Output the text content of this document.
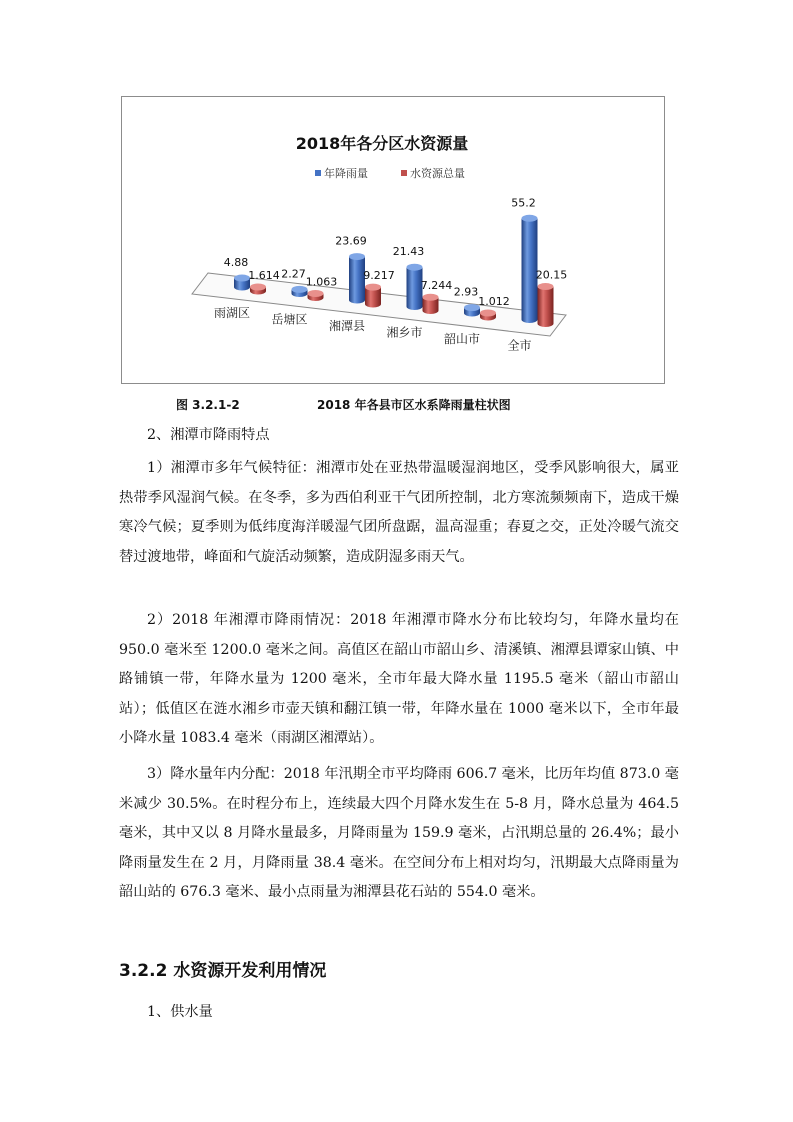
2018年各分区水资源量
年降雨量	水资源总量
4.88
1.614
雨湖区
2.27
1.063
岳塘区
23.69
9.217
湘潭县
21.43
7.244
湘乡市
2.93
1.012
韶山市
55.2
20.15
全市
图 3.2.1-2	2018 年各县市区水系降雨量柱状图

2、湘潭市降雨特点

1）湘潭市多年气候特征：湘潭市处在亚热带温暖湿润地区，受季风影响很大，属亚热带季风湿润气候。在冬季，多为西伯利亚干气团所控制，北方寒流频频南下，造成干燥寒冷气候；夏季则为低纬度海洋暖湿气团所盘踞，温高湿重；春夏之交，正处冷暖气流交替过渡地带，峰面和气旋活动频繁，造成阴湿多雨天气。

2）2018 年湘潭市降雨情况：2018 年湘潭市降水分布比较均匀，年降水量均在 950.0 毫米至 1200.0 毫米之间。高值区在韶山市韶山乡、清溪镇、湘潭县谭家山镇、中路铺镇一带，年降水量为 1200 毫米，全市年最大降水量 1195.5 毫米（韶山市韶山站）；低值区在涟水湘乡市壶天镇和翻江镇一带，年降水量在 1000 毫米以下，全市年最小降水量 1083.4 毫米（雨湖区湘潭站）。

3）降水量年内分配：2018 年汛期全市平均降雨 606.7 毫米，比历年均值 873.0 毫米减少 30.5%。在时程分布上，连续最大四个月降水发生在 5-8 月，降水总量为 464.5 毫米，其中又以 8 月降水量最多，月降雨量为 159.9 毫米，占汛期总量的 26.4%；最小降雨量发生在 2 月，月降雨量 38.4 毫米。在空间分布上相对均匀，汛期最大点降雨量为韶山站的 676.3 毫米、最小点雨量为湘潭县花石站的 554.0 毫米。

3.2.2 水资源开发利用情况

1、供水量
